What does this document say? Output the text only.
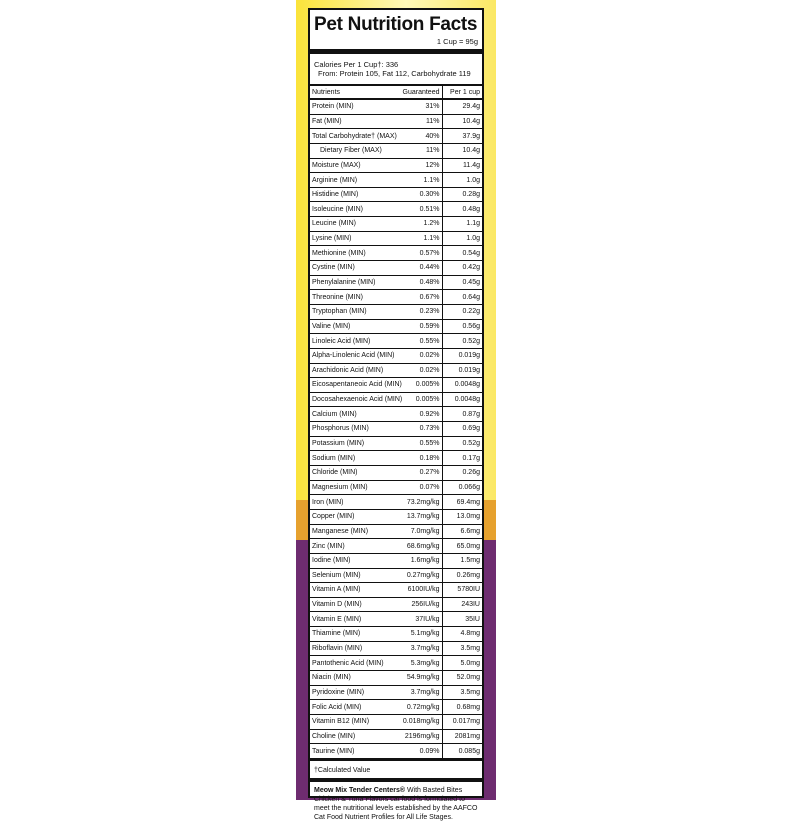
Pet Nutrition Facts
1 Cup = 95g
Calories Per 1 Cup†: 336
From: Protein 105, Fat 112, Carbohydrate 119
Nutrients	Guaranteed	Per 1 cup
Protein (MIN)	31%	29.4g
Fat (MIN)	11%	10.4g
Total Carbohydrate† (MAX)	40%	37.9g
Dietary Fiber (MAX)	11%	10.4g
Moisture (MAX)	12%	11.4g
Arginine (MIN)	1.1%	1.0g
Histidine (MIN)	0.30%	0.28g
Isoleucine (MIN)	0.51%	0.48g
Leucine (MIN)	1.2%	1.1g
Lysine (MIN)	1.1%	1.0g
Methionine (MIN)	0.57%	0.54g
Cystine (MIN)	0.44%	0.42g
Phenylalanine (MIN)	0.48%	0.45g
Threonine (MIN)	0.67%	0.64g
Tryptophan (MIN)	0.23%	0.22g
Valine (MIN)	0.59%	0.56g
Linoleic Acid (MIN)	0.55%	0.52g
Alpha-Linolenic Acid (MIN)	0.02%	0.019g
Arachidonic Acid (MIN)	0.02%	0.019g
Eicosapentaneoic Acid (MIN)	0.005%	0.0048g
Docosahexaenoic Acid (MIN)	0.005%	0.0048g
Calcium (MIN)	0.92%	0.87g
Phosphorus (MIN)	0.73%	0.69g
Potassium (MIN)	0.55%	0.52g
Sodium (MIN)	0.18%	0.17g
Chloride (MIN)	0.27%	0.26g
Magnesium (MIN)	0.07%	0.066g
Iron (MIN)	73.2mg/kg	69.4mg
Copper (MIN)	13.7mg/kg	13.0mg
Manganese (MIN)	7.0mg/kg	6.6mg
Zinc (MIN)	68.6mg/kg	65.0mg
Iodine (MIN)	1.6mg/kg	1.5mg
Selenium (MIN)	0.27mg/kg	0.26mg
Vitamin A (MIN)	6100IU/kg	5780IU
Vitamin D (MIN)	256IU/kg	243IU
Vitamin E (MIN)	37IU/kg	35IU
Thiamine (MIN)	5.1mg/kg	4.8mg
Riboflavin (MIN)	3.7mg/kg	3.5mg
Pantothenic Acid (MIN)	5.3mg/kg	5.0mg
Niacin (MIN)	54.9mg/kg	52.0mg
Pyridoxine (MIN)	3.7mg/kg	3.5mg
Folic Acid (MIN)	0.72mg/kg	0.68mg
Vitamin B12 (MIN)	0.018mg/kg	0.017mg
Choline (MIN)	2196mg/kg	2081mg
Taurine (MIN)	0.09%	0.085g
†Calculated Value
Meow Mix Tender Centers® With Basted Bites Chicken & Tuna Flavors cat food is formulated to meet the nutritional levels established by the AAFCO Cat Food Nutrient Profiles for All Life Stages.
